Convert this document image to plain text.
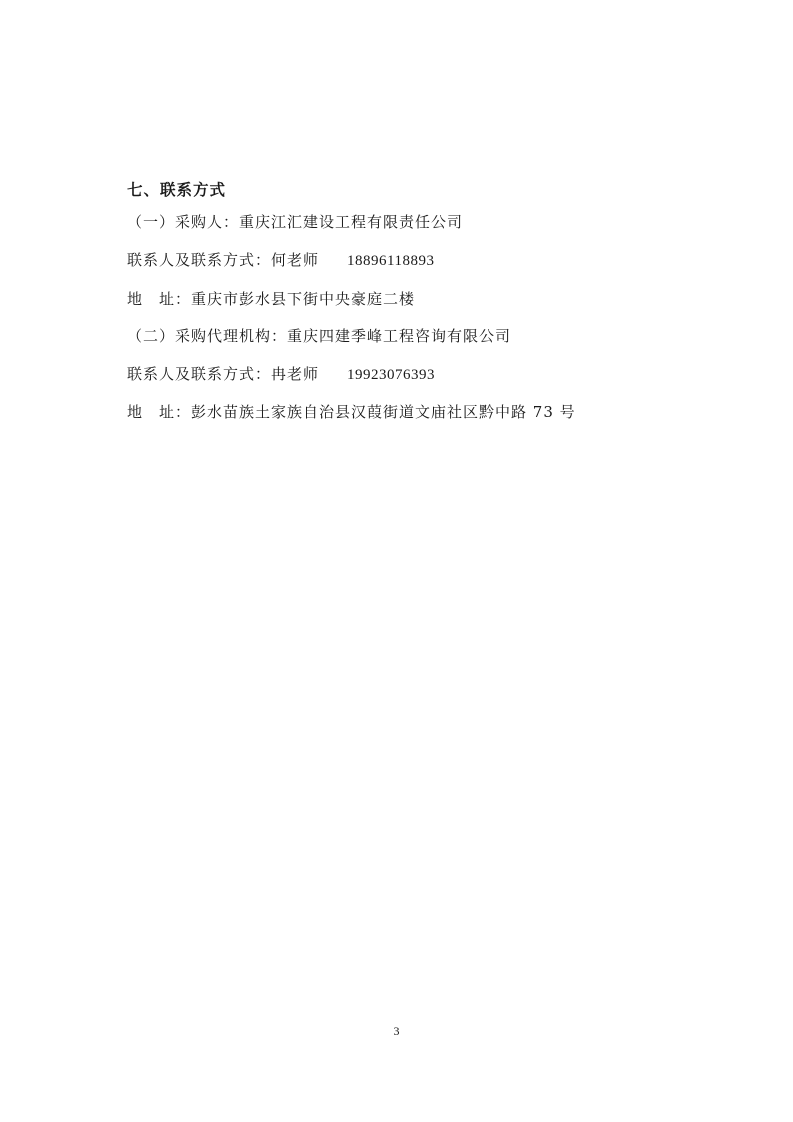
七、联系方式
（一）采购人：重庆江汇建设工程有限责任公司
联系人及联系方式：何老师 18896118893
地　址：重庆市彭水县下街中央豪庭二楼
（二）采购代理机构：重庆四建季峰工程咨询有限公司
联系人及联系方式：冉老师 19923076393
地　址：彭水苗族土家族自治县汉葭街道文庙社区黔中路 73 号
3
